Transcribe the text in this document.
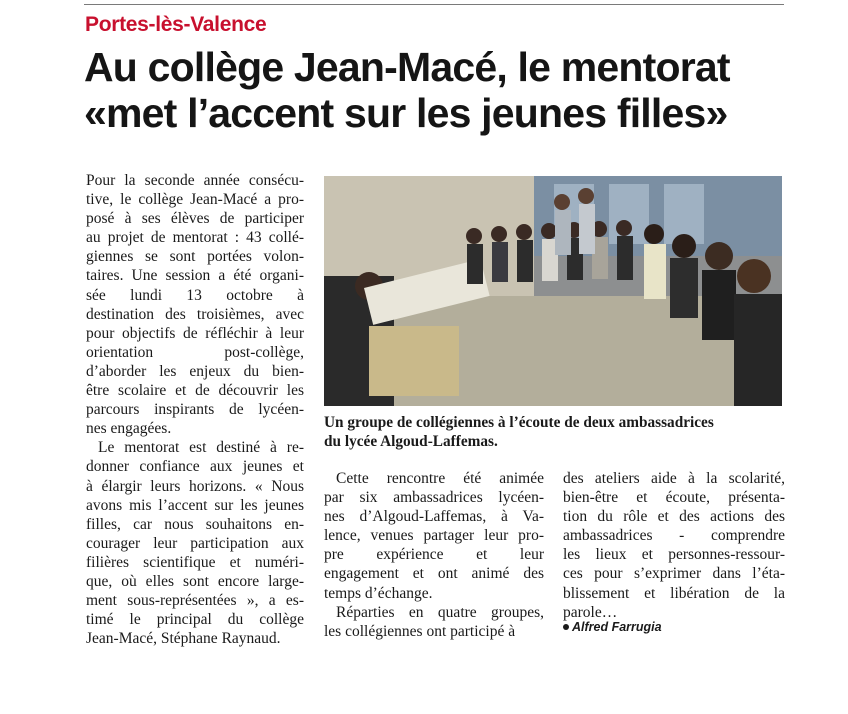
Portes-lès-Valence
Au collège Jean-Macé, le mentorat
«met l’accent sur les jeunes filles»
Pour la seconde année consécu-
tive, le collège Jean-Macé a pro-
posé à ses élèves de participer
au projet de mentorat : 43 collé-
giennes se sont portées volon-
taires. Une session a été organi-
sée lundi 13 octobre à
destination des troisièmes, avec
pour objectifs de réfléchir à leur
orientation post-collège,
d’aborder les enjeux du bien-
être scolaire et de découvrir les
parcours inspirants de lycéen-
nes engagées.
Le mentorat est destiné à re-
donner confiance aux jeunes et
à élargir leurs horizons. « Nous
avons mis l’accent sur les jeunes
filles, car nous souhaitons en-
courager leur participation aux
filières scientifique et numéri-
que, où elles sont encore large-
ment sous-représentées », a es-
timé le principal du collège
Jean-Macé, Stéphane Raynaud.
Un groupe de collégiennes à l’écoute de deux ambassadrices
du lycée Algoud-Laffemas.
Cette rencontre été animée
par six ambassadrices lycéen-
nes d’Algoud-Laffemas, à Va-
lence, venues partager leur pro-
pre expérience et leur
engagement et ont animé des
temps d’échange.
Réparties en quatre groupes,
les collégiennes ont participé à
des ateliers aide à la scolarité,
bien-être et écoute, présenta-
tion du rôle et des actions des
ambassadrices - comprendre
les lieux et personnes-ressour-
ces pour s’exprimer dans l’éta-
blissement et libération de la
parole…
Alfred Farrugia
